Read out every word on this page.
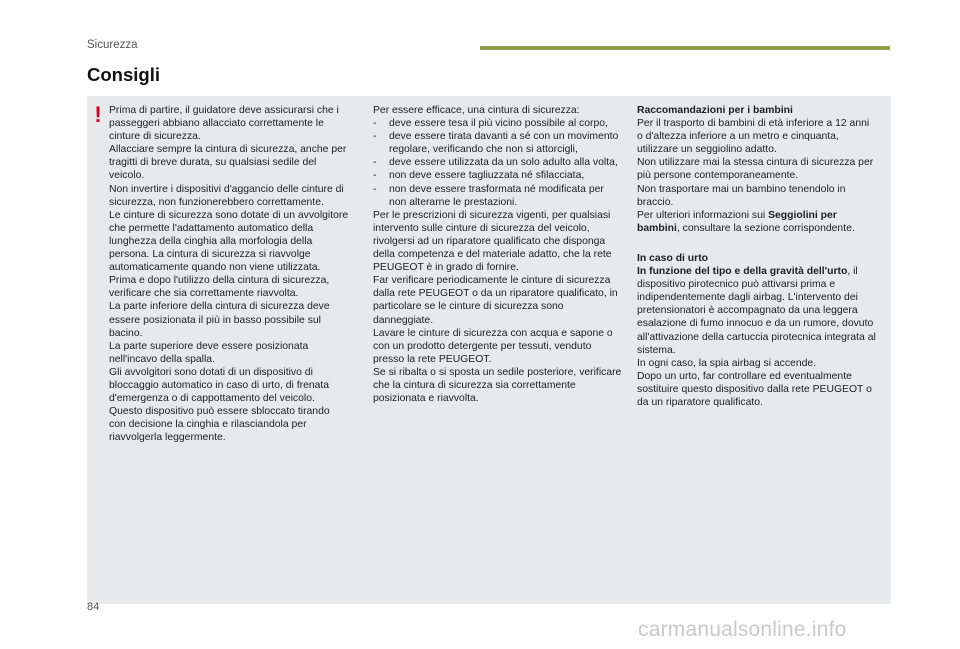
Sicurezza
Consigli
! Prima di partire, il guidatore deve assicurarsi che i passeggeri abbiano allacciato correttamente le cinture di sicurezza.

Allacciare sempre la cintura di sicurezza, anche per tragitti di breve durata, su qualsiasi sedile del veicolo.

Non invertire i dispositivi d'aggancio delle cinture di sicurezza, non funzionerebbero correttamente.

Le cinture di sicurezza sono dotate di un avvolgitore che permette l'adattamento automatico della lunghezza della cinghia alla morfologia della persona. La cintura di sicurezza si riavvolge automaticamente quando non viene utilizzata.

Prima e dopo l'utilizzo della cintura di sicurezza, verificare che sia correttamente riavvolta.

La parte inferiore della cintura di sicurezza deve essere posizionata il più in basso possibile sul bacino.

La parte superiore deve essere posizionata nell'incavo della spalla.

Gli avvolgitori sono dotati di un dispositivo di bloccaggio automatico in caso di urto, di frenata d'emergenza o di cappottamento del veicolo. Questo dispositivo può essere sbloccato tirando con decisione la cinghia e rilasciandola per riavvolgerla leggermente.

Per essere efficace, una cintura di sicurezza:

-	deve essere tesa il più vicino possibile al corpo,
-	deve essere tirata davanti a sé con un movimento regolare, verificando che non si attorcigli,
-	deve essere utilizzata da un solo adulto alla volta,
-	non deve essere tagliuzzata né sfilacciata,
-	non deve essere trasformata né modificata per non alterarne le prestazioni.

Per le prescrizioni di sicurezza vigenti, per qualsiasi intervento sulle cinture di sicurezza del veicolo, rivolgersi ad un riparatore qualificato che disponga della competenza e del materiale adatto, che la rete PEUGEOT è in grado di fornire.

Far verificare periodicamente le cinture di sicurezza dalla rete PEUGEOT o da un riparatore qualificato, in particolare se le cinture di sicurezza sono danneggiate.

Lavare le cinture di sicurezza con acqua e sapone o con un prodotto detergente per tessuti, venduto presso la rete PEUGEOT.

Se si ribalta o si sposta un sedile posteriore, verificare che la cintura di sicurezza sia correttamente posizionata e riavvolta.

Raccomandazioni per i bambini

Per il trasporto di bambini di età inferiore a 12 anni o d'altezza inferiore a un metro e cinquanta, utilizzare un seggiolino adatto.

Non utilizzare mai la stessa cintura di sicurezza per più persone contemporaneamente.

Non trasportare mai un bambino tenendolo in braccio.

Per ulteriori informazioni sui Seggiolini per bambini, consultare la sezione corrispondente.

In caso di urto

In funzione del tipo e della gravità dell'urto, il dispositivo pirotecnico può attivarsi prima e indipendentemente dagli airbag. L'intervento dei pretensionatori è accompagnato da una leggera esalazione di fumo innocuo e da un rumore, dovuto all'attivazione della cartuccia pirotecnica integrata al sistema.

In ogni caso, la spia airbag si accende.

Dopo un urto, far controllare ed eventualmente sostituire questo dispositivo dalla rete PEUGEOT o da un riparatore qualificato.

84
carmanualsonline.info
